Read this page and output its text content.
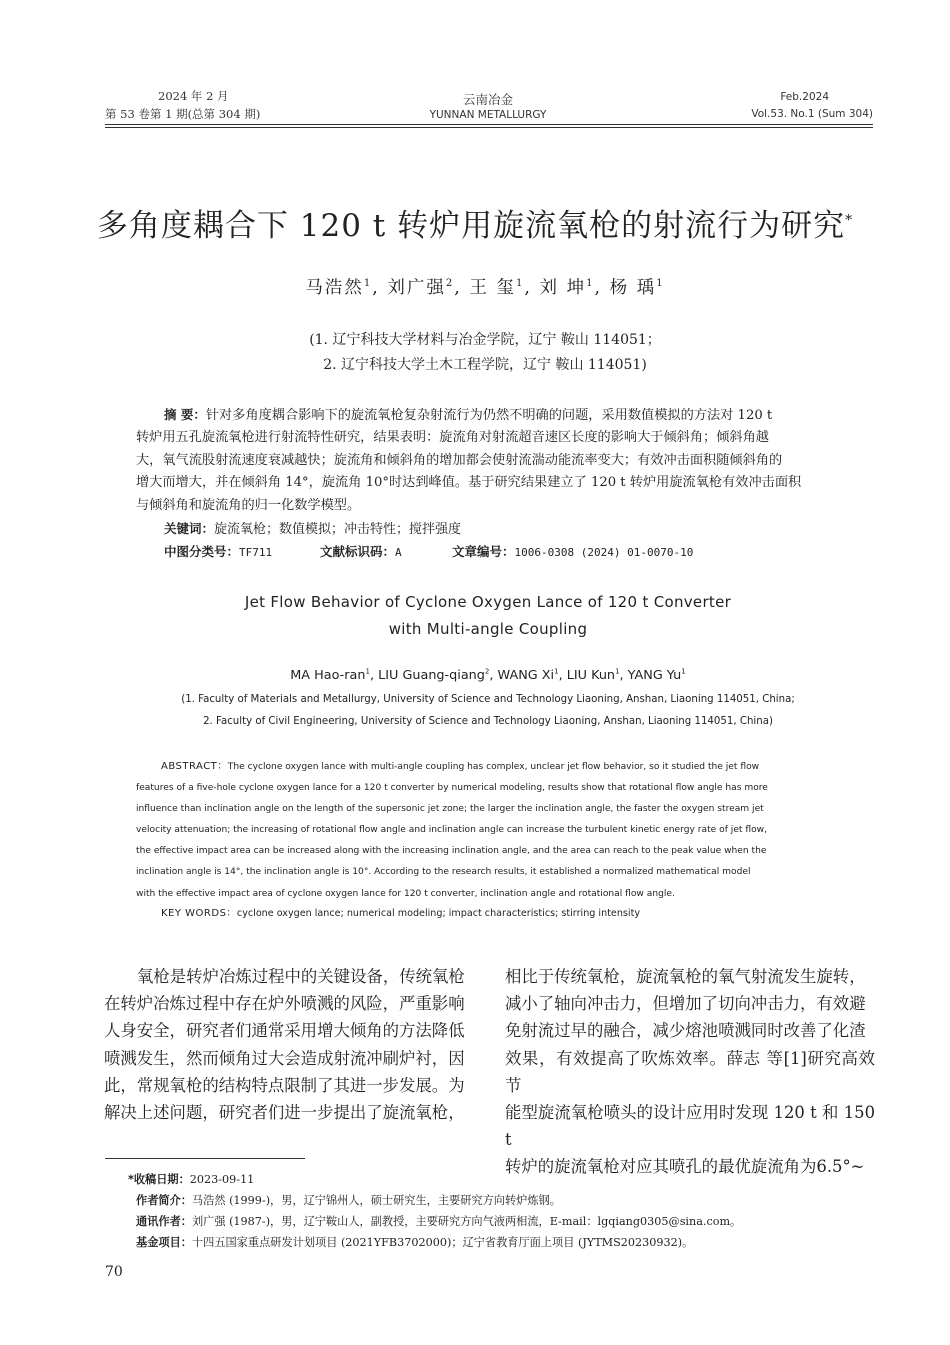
2024 年 2 月
第 53 卷第 1 期(总第 304 期)
云南冶金
YUNNAN METALLURGY
Feb.2024
Vol.53. No.1 (Sum 304)
多角度耦合下 120 t 转炉用旋流氧枪的射流行为研究*
马浩然$^1$, 刘广强$^2$, 王 玺$^1$, 刘 坤$^1$, 杨 瑀$^1$
(1. 辽宁科技大学材料与冶金学院，辽宁 鞍山 114051；
2. 辽宁科技大学土木工程学院，辽宁 鞍山 114051)
摘 要：针对多角度耦合影响下的旋流氧枪复杂射流行为仍然不明确的问题，采用数值模拟的方法对 120 t
转炉用五孔旋流氧枪进行射流特性研究，结果表明：旋流角对射流超音速区长度的影响大于倾斜角；倾斜角越
大，氧气流股射流速度衰减越快；旋流角和倾斜角的增加都会使射流湍动能流率变大；有效冲击面积随倾斜角的
增大而增大，并在倾斜角 14°，旋流角 10°时达到峰值。基于研究结果建立了 120 t 转炉用旋流氧枪有效冲击面积
与倾斜角和旋流角的归一化数学模型。
关键词：旋流氧枪；数值模拟；冲击特性；搅拌强度
中图分类号：TF711	文献标识码：A	文章编号：1006-0308 (2024) 01-0070-10
Jet Flow Behavior of Cyclone Oxygen Lance of 120 t Converter
with Multi-angle Coupling
MA Hao-ran$^1$, LIU Guang-qiang$^2$, WANG Xi$^1$, LIU Kun$^1$, YANG Yu$^1$
(1. Faculty of Materials and Metallurgy, University of Science and Technology Liaoning, Anshan, Liaoning 114051, China;
2. Faculty of Civil Engineering, University of Science and Technology Liaoning, Anshan, Liaoning 114051, China)
ABSTRACT：The cyclone oxygen lance with multi-angle coupling has complex, unclear jet flow behavior, so it studied the jet flow
features of a five-hole cyclone oxygen lance for a 120 t converter by numerical modeling, results show that rotational flow angle has more
influence than inclination angle on the length of the supersonic jet zone; the larger the inclination angle, the faster the oxygen stream jet
velocity attenuation; the increasing of rotational flow angle and inclination angle can increase the turbulent kinetic energy rate of jet flow,
the effective impact area can be increased along with the increasing inclination angle, and the area can reach to the peak value when the
inclination angle is 14°, the inclination angle is 10°. According to the research results, it established a normalized mathematical model
with the effective impact area of cyclone oxygen lance for 120 t converter, inclination angle and rotational flow angle.
KEY WORDS：cyclone oxygen lance; numerical modeling; impact characteristics; stirring intensity
氧枪是转炉冶炼过程中的关键设备，传统氧枪
在转炉冶炼过程中存在炉外喷溅的风险，严重影响
人身安全，研究者们通常采用增大倾角的方法降低
喷溅发生，然而倾角过大会造成射流冲刷炉衬，因
此，常规氧枪的结构特点限制了其进一步发展。为
解决上述问题，研究者们进一步提出了旋流氧枪，
相比于传统氧枪，旋流氧枪的氧气射流发生旋转，
减小了轴向冲击力，但增加了切向冲击力，有效避
免射流过早的融合，减少熔池喷溅同时改善了化渣
效果，有效提高了吹炼效率。薛志 等[1]研究高效节
能型旋流氧枪喷头的设计应用时发现 120 t 和 150 t
转炉的旋流氧枪对应其喷孔的最优旋流角为6.5°~
*收稿日期：2023-09-11
作者简介：马浩然 (1999-)，男，辽宁锦州人，硕士研究生，主要研究方向转炉炼钢。
通讯作者：刘广强 (1987-)，男，辽宁鞍山人，副教授，主要研究方向气液两相流，E-mail：lgqiang0305@sina.com。
基金项目：十四五国家重点研发计划项目 (2021YFB3702000)；辽宁省教育厅面上项目 (JYTMS20230932)。
70
